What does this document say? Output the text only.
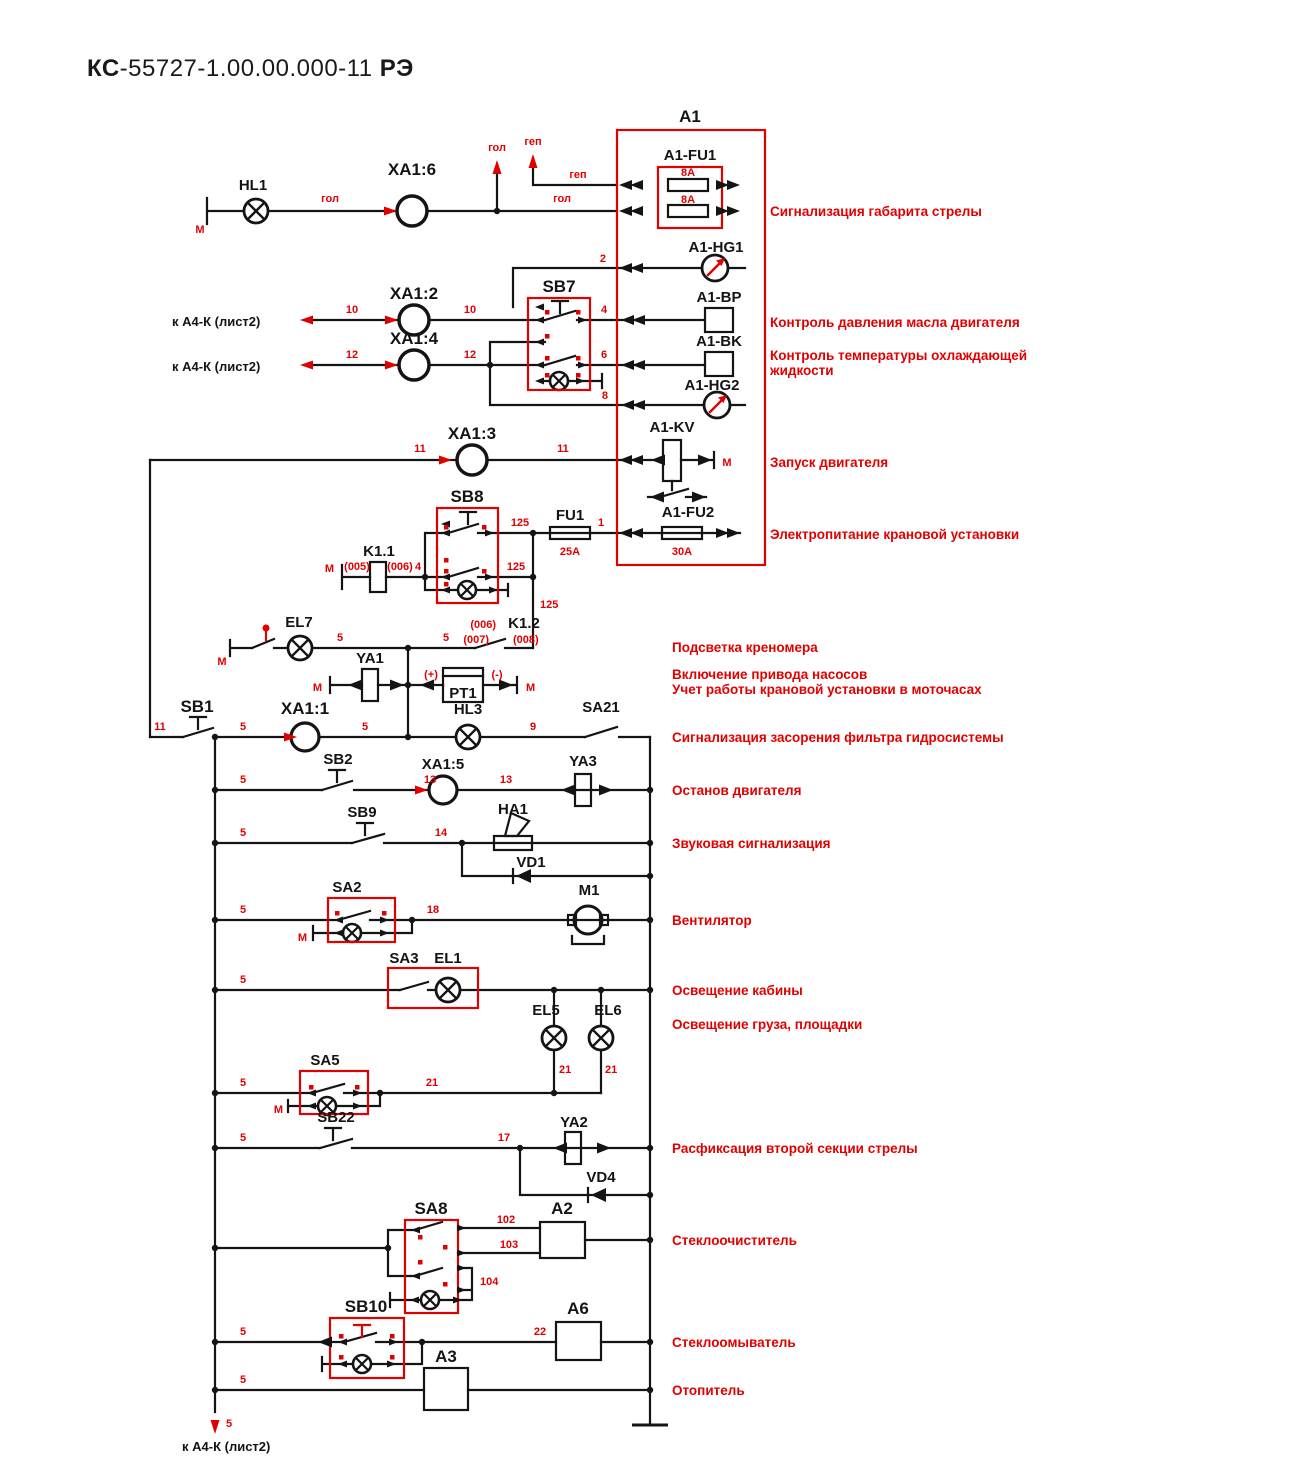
КС-55727-1.00.00.000-11 РЭ
A1
HL1
XA1:6
A1-FU1
A1-HG1
SB7
A1-BP
A1-BK
A1-HG2
XA1:2
XA1:4
XA1:3	A1-KV
SB8
FU1	A1-FU2
K1.1
K1.2
EL7
YA1
PT1
SB1	XA1:1	HL3	SA21
SB2	XA1:5	YA3
SB9	HA1
VD1
SA2	M1
SA3 EL1
EL5 EL6
SA5
SB22	YA2
VD4
SA8	A2
SB10	A6
A3
к А4-К (лист2)
к А4-К (лист2)
к А4-К (лист2)
гол	гол
гол геп
геп	8А
8А
М
2
10	10	4
12	12	6
8
11	11
М
125
125
125
1
25А	30А
М (005) (006) 4
(006)
(007) (008)
М
5	5
М
(+)	(-)
М
11	5	5	9
5	13	13
5	14
5	18
М
5
21	21
5	21
М
5	17
102
103
104
5	22
5
5
Сигнализация габарита стрелы
Контроль давления масла двигателя
Контроль температуры охлаждающей
жидкости
Запуск двигателя
Электропитание крановой установки
Подсветка креномера
Включение привода насосов
Учет работы крановой установки в моточасах
Сигнализация засорения фильтра гидросистемы
Останов двигателя
Звуковая сигнализация
Вентилятор
Освещение кабины
Освещение груза, площадки
Расфиксация второй секции стрелы
Стеклоочиститель
Стеклоомыватель
Отопитель
